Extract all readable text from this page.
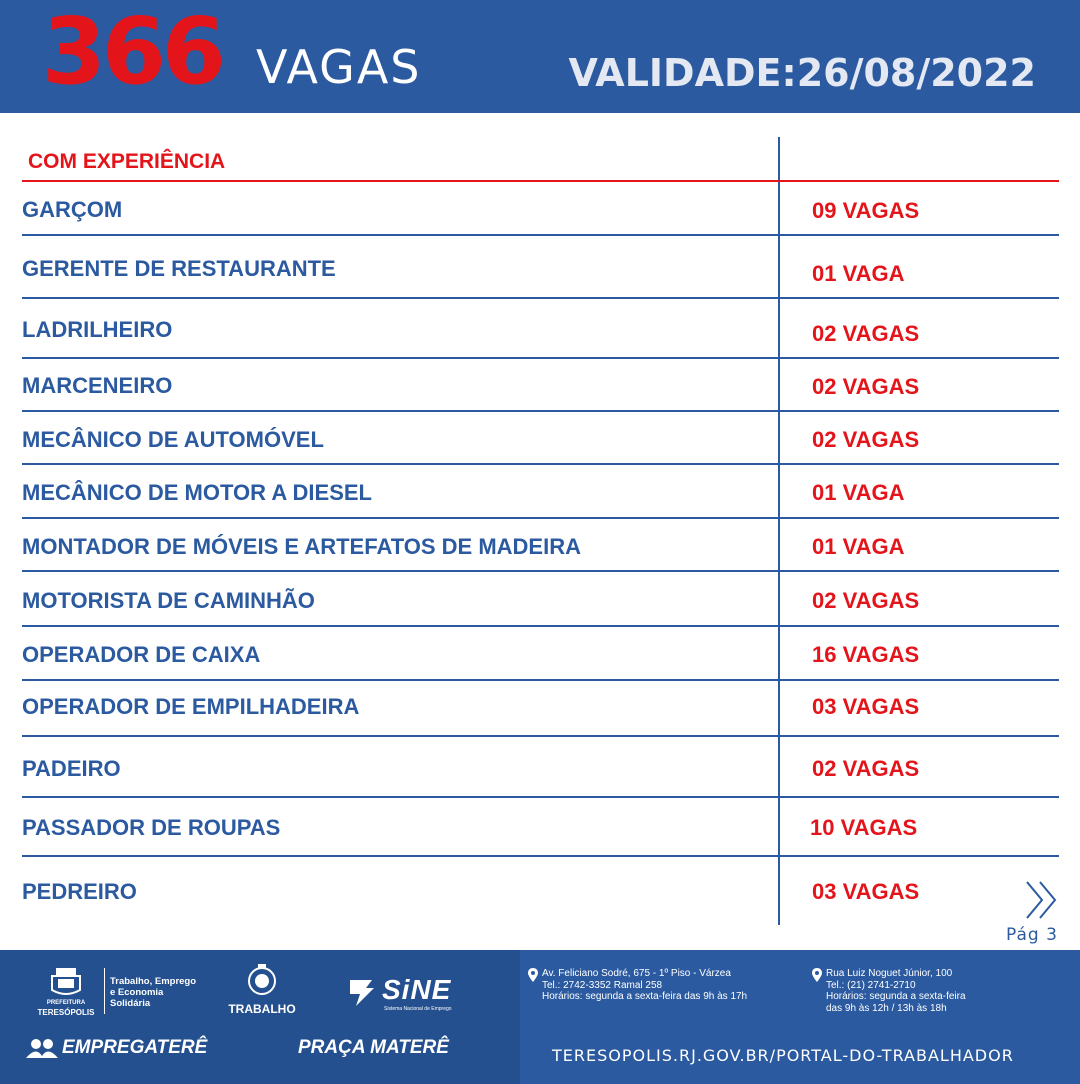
366 VAGAS	VALIDADE:26/08/2022
COM EXPERIÊNCIA
GARÇOM	09 VAGAS
GERENTE DE RESTAURANTE	01 VAGA
LADRILHEIRO	02 VAGAS
MARCENEIRO	02 VAGAS
MECÂNICO DE AUTOMÓVEL	02 VAGAS
MECÂNICO DE MOTOR A DIESEL	01 VAGA
MONTADOR DE MÓVEIS E ARTEFATOS DE MADEIRA	01 VAGA
MOTORISTA DE CAMINHÃO	02 VAGAS
OPERADOR DE CAIXA	16 VAGAS
OPERADOR DE EMPILHADEIRA	03 VAGAS
PADEIRO	02 VAGAS
PASSADOR DE ROUPAS	10 VAGAS
PEDREIRO	03 VAGAS
Pág 3
PREFEITURA
TERESÓPOLIS
Trabalho, Emprego
e Economia
Solidária	TRABALHO
SiNE
Sistema Nacional de Emprego
EMPREGATERÊ	PRAÇA MATERÊ
Av. Feliciano Sodré, 675 - 1º Piso - Várzea
Tel.: 2742-3352 Ramal 258
Horários: segunda a sexta-feira das 9h às 17h
Rua Luiz Noguet Júnior, 100
Tel.: (21) 2741-2710
Horários: segunda a sexta-feira
das 9h às 12h / 13h às 18h
TERESOPOLIS.RJ.GOV.BR/PORTAL-DO-TRABALHADOR
